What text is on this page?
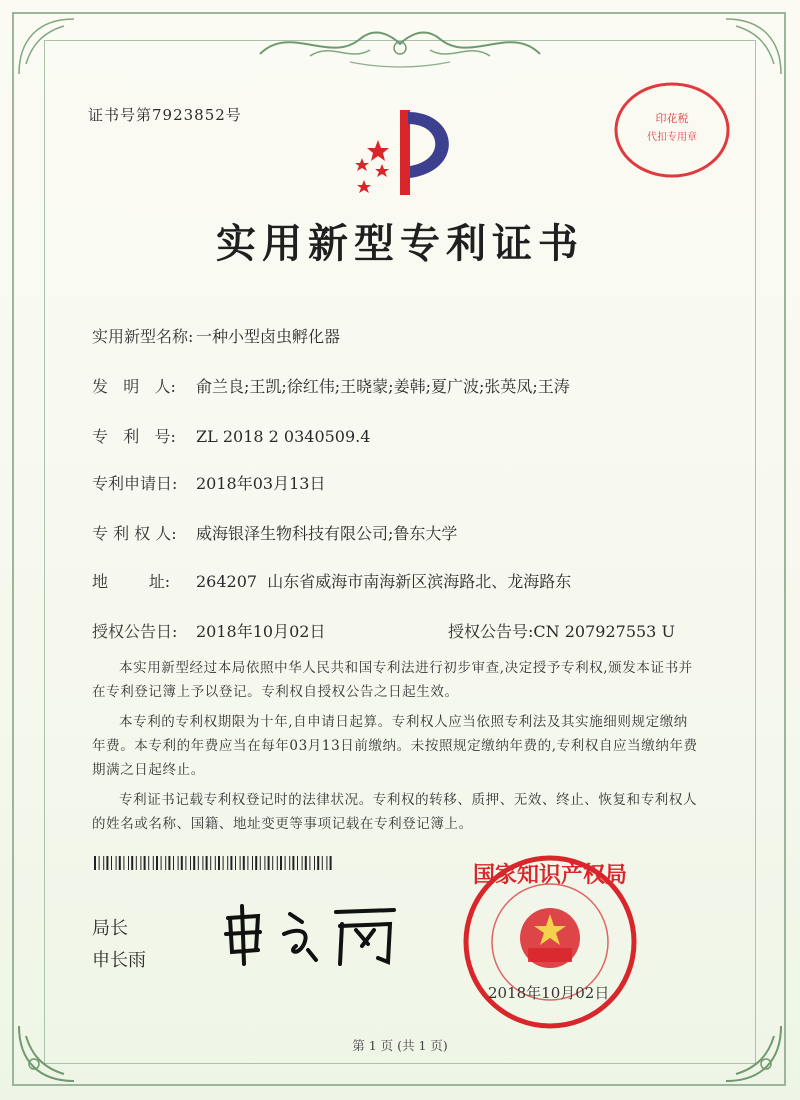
证书号第7923852号	印花税
代扣专用章
实用新型专利证书
实用新型名称: 一种小型卤虫孵化器
发   明   人: 俞兰良;王凯;徐红伟;王晓蒙;姜韩;夏广波;张英凤;王涛
专   利   号: ZL 2018 2 0340509.4
专利申请日: 2018年03月13日
专 利 权 人: 威海银泽生物科技有限公司;鲁东大学
地        址: 264207  山东省威海市南海新区滨海路北、龙海路东
授权公告日: 2018年10月02日	授权公告号:CN 207927553 U

本实用新型经过本局依照中华人民共和国专利法进行初步审查,决定授予专利权,颁发本证书并在专利登记簿上予以登记。专利权自授权公告之日起生效。

本专利的专利权期限为十年,自申请日起算。专利权人应当依照专利法及其实施细则规定缴纳年费。本专利的年费应当在每年03月13日前缴纳。未按照规定缴纳年费的,专利权自应当缴纳年费期满之日起终止。

专利证书记载专利权登记时的法律状况。专利权的转移、质押、无效、终止、恢复和专利权人的姓名或名称、国籍、地址变更等事项记载在专利登记簿上。

局长
申长雨
国家知识产权局
2018年10月02日
第 1 页 (共 1 页)
